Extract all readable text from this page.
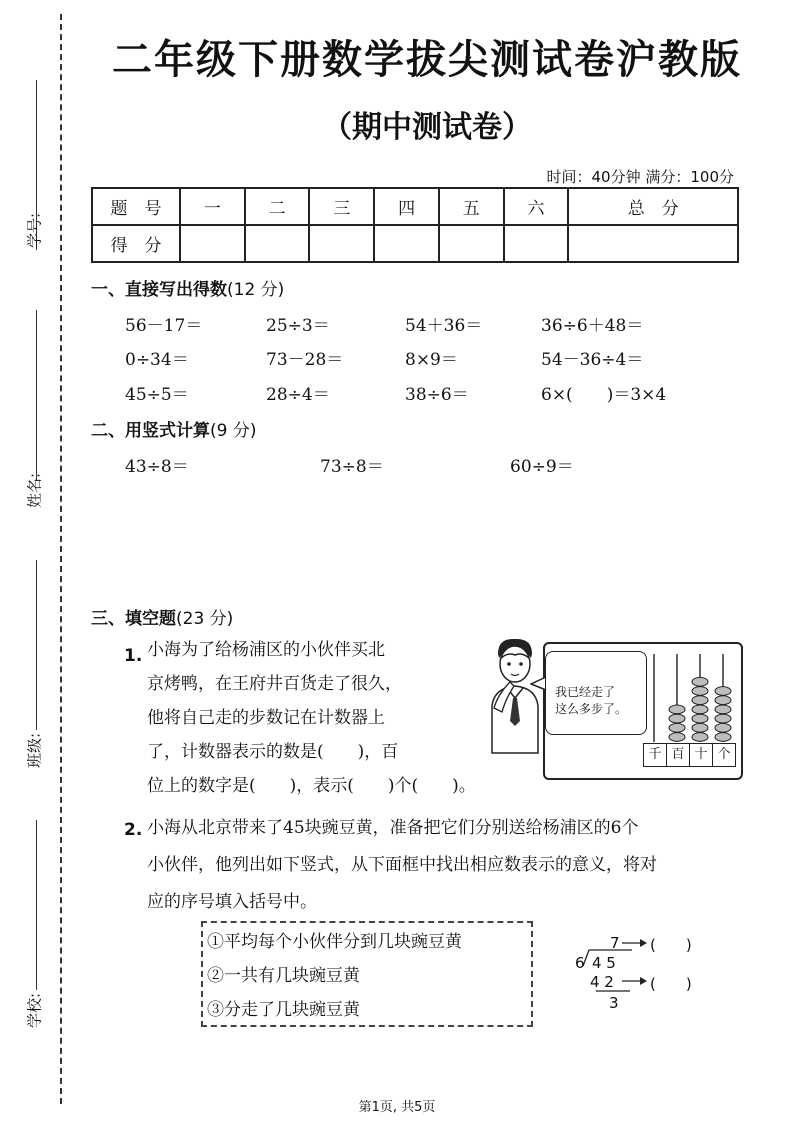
学号:
姓名:
班级:
学校:
二年级下册数学拔尖测试卷沪教版
（期中测试卷）
时间：40分钟 满分：100分
题　号	一	二	三	四	五	六	总　分
得　分							
一、直接写出得数(12 分)
56－17＝	25÷3＝	54＋36＝	36÷6＋48＝
0÷34＝	73－28＝	8×9＝	54－36÷4＝
45÷5＝	28÷4＝	38÷6＝	6×(　　)＝3×4
二、用竖式计算(9 分)
43÷8＝	73÷8＝	60÷9＝
三、填空题(23 分)
1. 小海为了给杨浦区的小伙伴买北
京烤鸭，在王府井百货走了很久，
他将自己走的步数记在计数器上
了，计数器表示的数是(　　)，百
位上的数字是(　　)，表示(　　)个(　　)。
我已经走了
这么多步了。
千 百 十 个
2. 小海从北京带来了45块豌豆黄，准备把它们分别送给杨浦区的6个
小伙伴，他列出如下竖式，从下面框中找出相应数表示的意义，将对
应的序号填入括号中。
①平均每个小伙伴分到几块豌豆黄
②一共有几块豌豆黄
③分走了几块豌豆黄
7 (　　)
6 4 5
4 2 (　　)
3
第1页, 共5页
